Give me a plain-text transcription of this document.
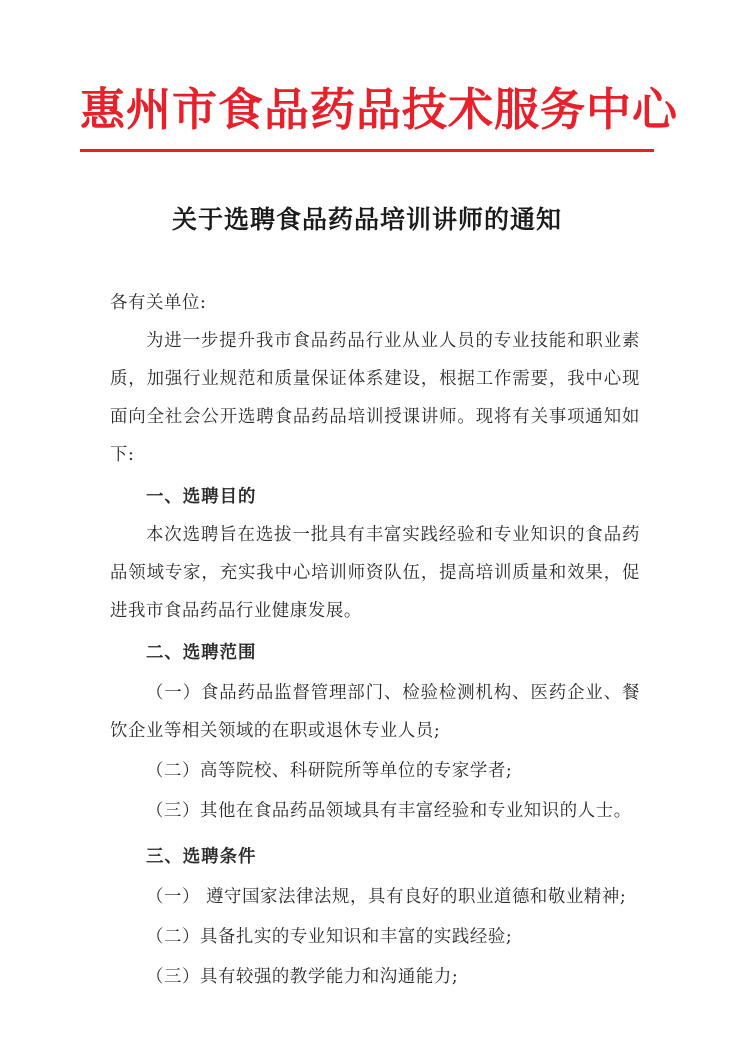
惠州市食品药品技术服务中心
关于选聘食品药品培训讲师的通知

各有关单位:

为进一步提升我市食品药品行业从业人员的专业技能和职业素质，加强行业规范和质量保证体系建设，根据工作需要，我中心现面向全社会公开选聘食品药品培训授课讲师。现将有关事项通知如下:

一、选聘目的

本次选聘旨在选拔一批具有丰富实践经验和专业知识的食品药品领域专家，充实我中心培训师资队伍，提高培训质量和效果，促进我市食品药品行业健康发展。

二、选聘范围

（一）食品药品监督管理部门、检验检测机构、医药企业、餐饮企业等相关领域的在职或退休专业人员;

（二）高等院校、科研院所等单位的专家学者;

（三）其他在食品药品领域具有丰富经验和专业知识的人士。

三、选聘条件

（一） 遵守国家法律法规，具有良好的职业道德和敬业精神;

（二）具备扎实的专业知识和丰富的实践经验;

（三）具有较强的教学能力和沟通能力;
